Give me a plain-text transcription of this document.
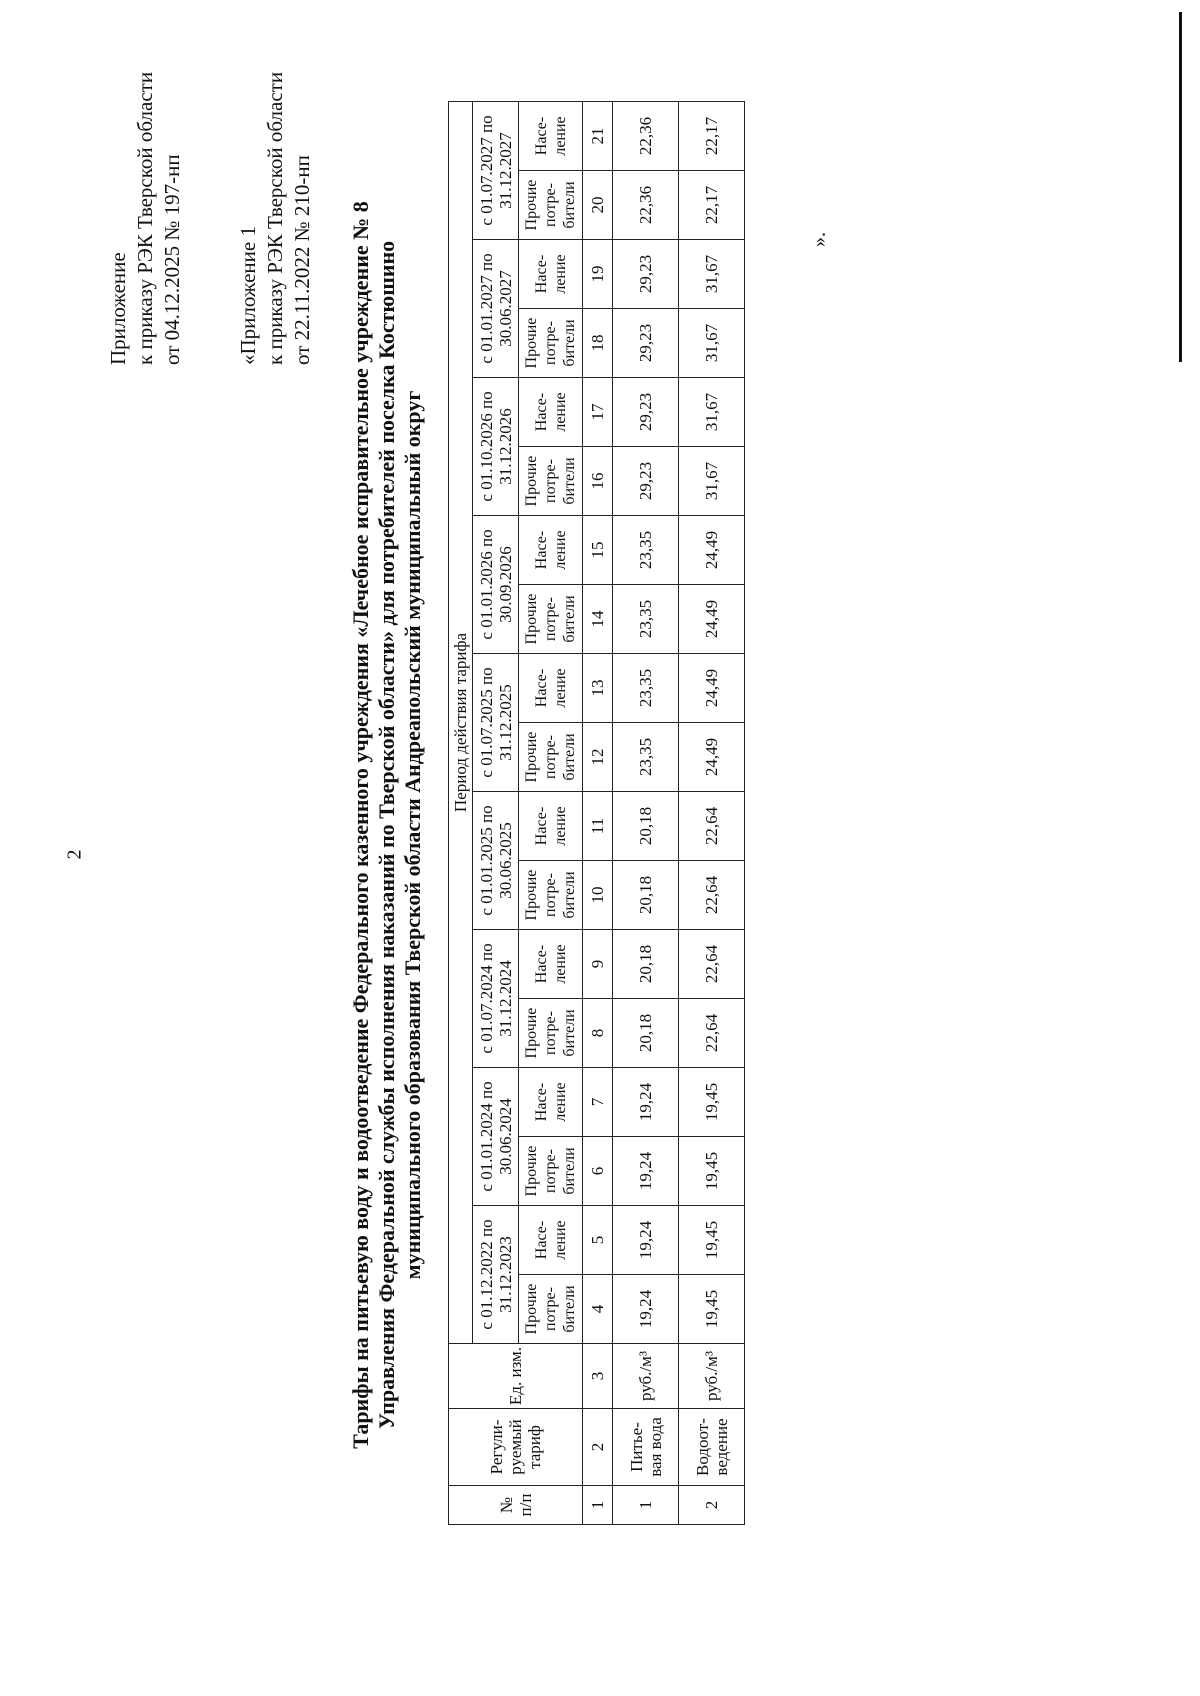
2
Приложение к приказу РЭК Тверской области от 04.12.2025 № 197-нп «Приложение 1 к приказу РЭК Тверской области от 22.11.2022 № 210-нп Тарифы на питьевую воду и водоотведение Федерального казенного учреждения «Лечебное исправительное учреждение № 8 Управления Федеральной службы исполнения наказаний по Тверской области» для потребителей поселка Костюшино муниципального образования Тверской области Андреапольский муниципальный округ
№ п/п	Регули-руемый тариф	Ед. изм.	Период действия тарифа																	
			с 01.12.2022 по 31.12.2023		с 01.01.2024 по 30.06.2024		с 01.07.2024 по 31.12.2024		с 01.01.2025 по 30.06.2025		с 01.07.2025 по 31.12.2025		с 01.01.2026 по 30.09.2026		с 01.10.2026 по 31.12.2026		с 01.01.2027 по 30.06.2027		с 01.07.2027 по 31.12.2027	
			Прочие потре-бители	Насе-ление	Прочие потре-бители	Насе-ление	Прочие потре-бители	Насе-ление	Прочие потре-бители	Насе-ление	Прочие потре-бители	Насе-ление	Прочие потре-бители	Насе-ление	Прочие потре-бители	Насе-ление	Прочие потре-бители	Насе-ление	Прочие потре-бители	Насе-ление
1	2	3	4	5	6	7	8	9	10	11	12	13	14	15	16	17	18	19	20	21
1	Питье-вая вода	руб./м³	19,24	19,24	19,24	19,24	20,18	20,18	20,18	20,18	23,35	23,35	23,35	23,35	29,23	29,23	29,23	29,23	22,36	22,36
2	Водоот-ведение	руб./м³	19,45	19,45	19,45	19,45	22,64	22,64	22,64	22,64	24,49	24,49	24,49	24,49	31,67	31,67	31,67	31,67	22,17	22,17
».
